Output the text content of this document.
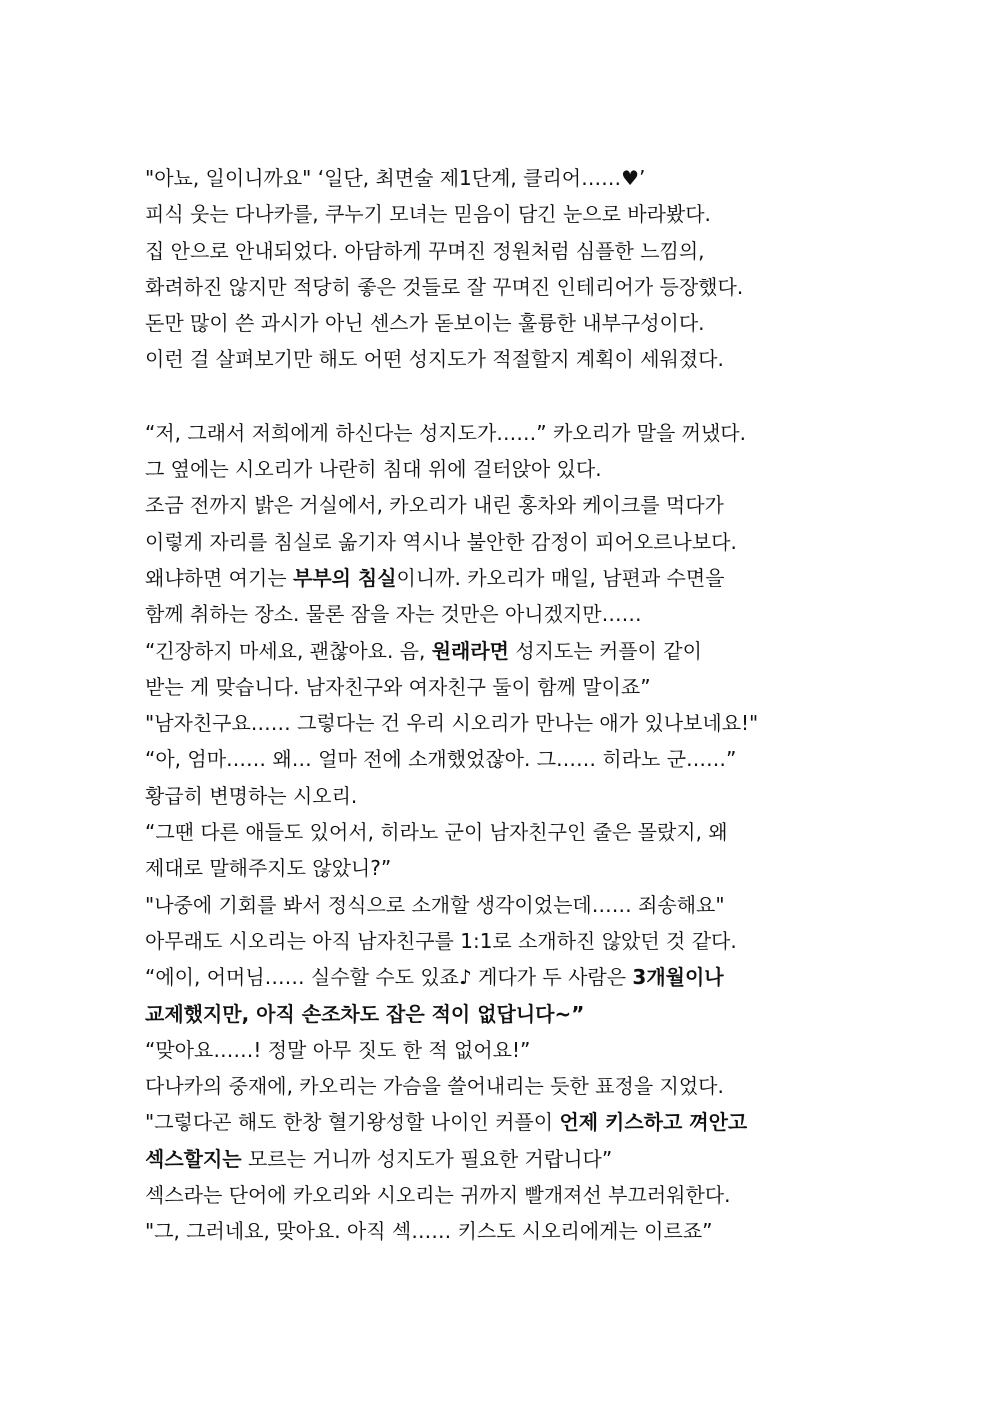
"아뇨, 일이니까요" ‘일단, 최면술 제1단계, 클리어……♥’
피식 웃는 다나카를, 쿠누기 모녀는 믿음이 담긴 눈으로 바라봤다.
집 안으로 안내되었다. 아담하게 꾸며진 정원처럼 심플한 느낌의,
화려하진 않지만 적당히 좋은 것들로 잘 꾸며진 인테리어가 등장했다.
돈만 많이 쓴 과시가 아닌 센스가 돋보이는 훌륭한 내부구성이다.
이런 걸 살펴보기만 해도 어떤 성지도가 적절할지 계획이 세워졌다.
“저, 그래서 저희에게 하신다는 성지도가……” 카오리가 말을 꺼냈다.
그 옆에는 시오리가 나란히 침대 위에 걸터앉아 있다.
조금 전까지 밝은 거실에서, 카오리가 내린 홍차와 케이크를 먹다가
이렇게 자리를 침실로 옮기자 역시나 불안한 감정이 피어오르나보다.
왜냐하면 여기는 부부의 침실이니까. 카오리가 매일, 남편과 수면을
함께 취하는 장소. 물론 잠을 자는 것만은 아니겠지만……
“긴장하지 마세요, 괜찮아요. 음, 원래라면 성지도는 커플이 같이
받는 게 맞습니다. 남자친구와 여자친구 둘이 함께 말이죠”
"남자친구요…… 그렇다는 건 우리 시오리가 만나는 애가 있나보네요!"
“아, 엄마…… 왜… 얼마 전에 소개했었잖아. 그…… 히라노 군……”
황급히 변명하는 시오리.
“그땐 다른 애들도 있어서, 히라노 군이 남자친구인 줄은 몰랐지, 왜
제대로 말해주지도 않았니?”
"나중에 기회를 봐서 정식으로 소개할 생각이었는데…… 죄송해요"
아무래도 시오리는 아직 남자친구를 1:1로 소개하진 않았던 것 같다.
“에이, 어머님…… 실수할 수도 있죠♪ 게다가 두 사람은 3개월이나
교제했지만, 아직 손조차도 잡은 적이 없답니다~”
“맞아요……! 정말 아무 짓도 한 적 없어요!”
다나카의 중재에, 카오리는 가슴을 쓸어내리는 듯한 표정을 지었다.
"그렇다곤 해도 한창 혈기왕성할 나이인 커플이 언제 키스하고 껴안고
섹스할지는 모르는 거니까 성지도가 필요한 거랍니다”
섹스라는 단어에 카오리와 시오리는 귀까지 빨개져선 부끄러워한다.
"그, 그러네요, 맞아요. 아직 섹…… 키스도 시오리에게는 이르죠”
